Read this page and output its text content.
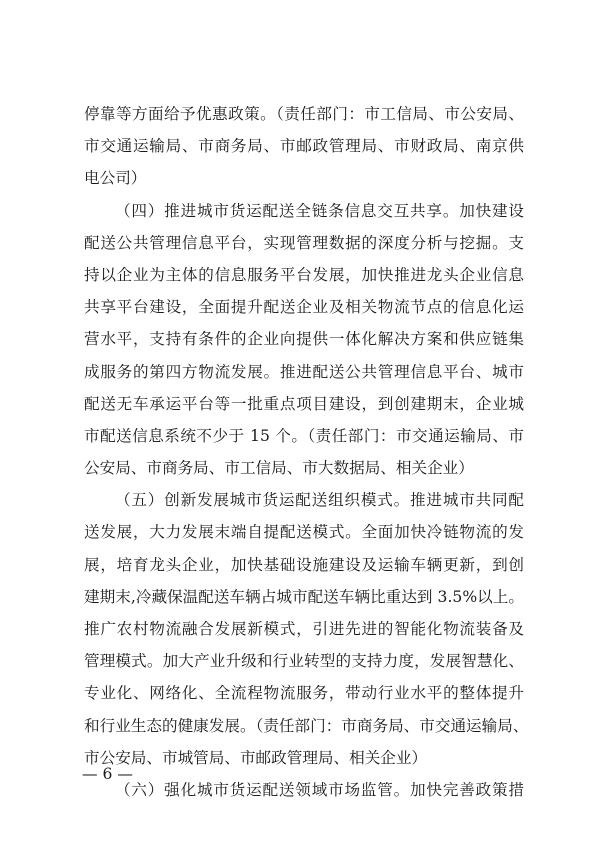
停靠等方面给予优惠政策。（责任部门：市工信局、市公安局、
市交通运输局、市商务局、市邮政管理局、市财政局、南京供
电公司）
（四）推进城市货运配送全链条信息交互共享。加快建设
配送公共管理信息平台，实现管理数据的深度分析与挖掘。支
持以企业为主体的信息服务平台发展，加快推进龙头企业信息
共享平台建设，全面提升配送企业及相关物流节点的信息化运
营水平，支持有条件的企业向提供一体化解决方案和供应链集
成服务的第四方物流发展。推进配送公共管理信息平台、城市
配送无车承运平台等一批重点项目建设，到创建期末，企业城
市配送信息系统不少于 15 个。（责任部门：市交通运输局、市
公安局、市商务局、市工信局、市大数据局、相关企业）
（五）创新发展城市货运配送组织模式。推进城市共同配
送发展，大力发展末端自提配送模式。全面加快冷链物流的发
展，培育龙头企业，加快基础设施建设及运输车辆更新，到创
建期末,冷藏保温配送车辆占城市配送车辆比重达到 3.5%以上。
推广农村物流融合发展新模式，引进先进的智能化物流装备及
管理模式。加大产业升级和行业转型的支持力度，发展智慧化、
专业化、网络化、全流程物流服务，带动行业水平的整体提升
和行业生态的健康发展。（责任部门：市商务局、市交通运输局、
市公安局、市城管局、市邮政管理局、相关企业）
（六）强化城市货运配送领域市场监管。加快完善政策措
— 6 —
